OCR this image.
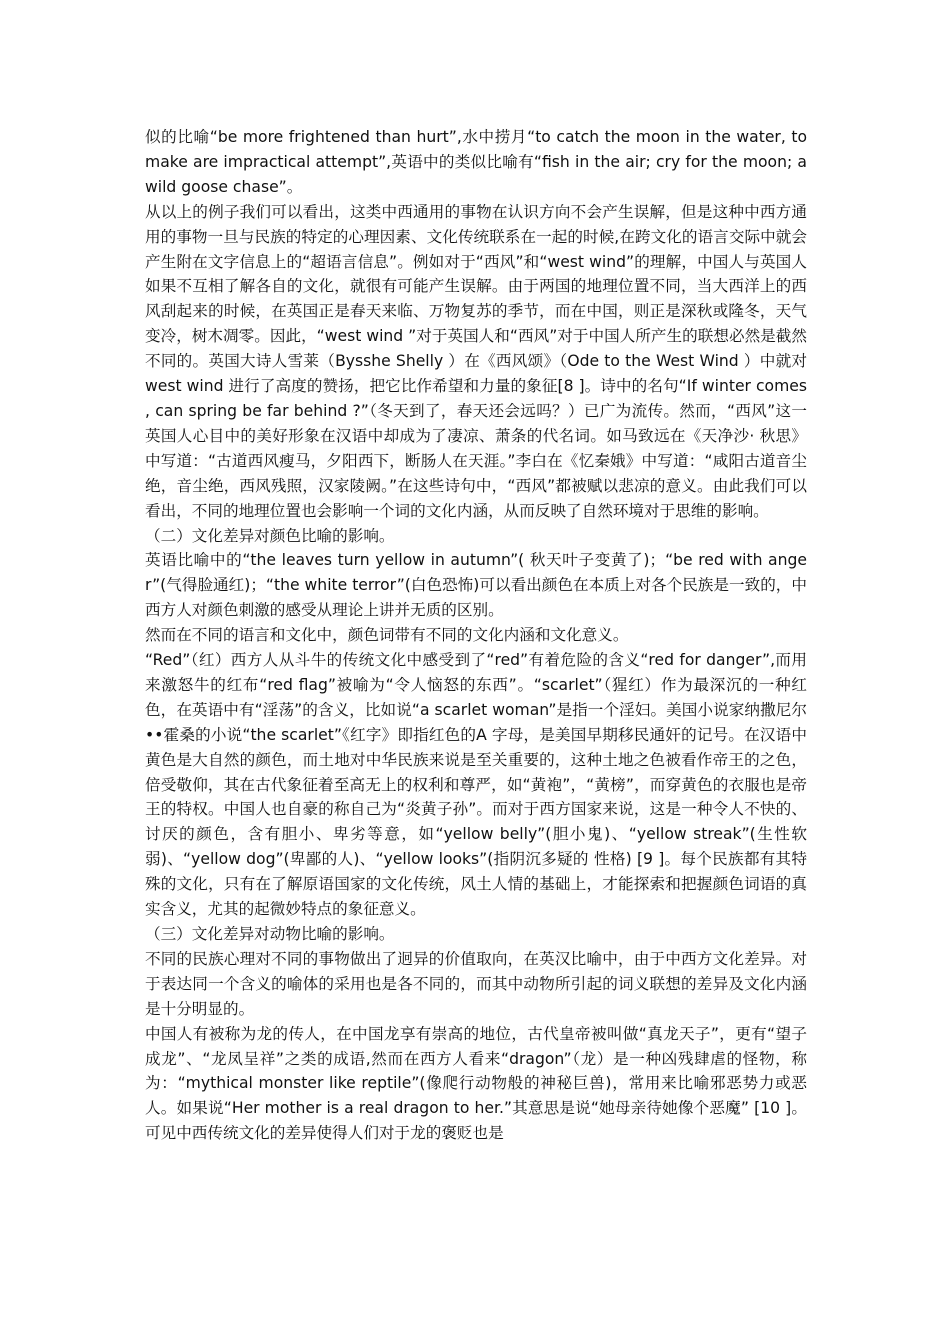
似的比喻“be more frightened than hurt”,水中捞月“to catch the moon in the water, to make are impractical attempt”,英语中的类似比喻有“fish in the air; cry for the moon; a wild goose chase”。

从以上的例子我们可以看出，这类中西通用的事物在认识方向不会产生误解，但是这种中西方通用的事物一旦与民族的特定的心理因素、文化传统联系在一起的时候,在跨文化的语言交际中就会产生附在文字信息上的“超语言信息”。例如对于“西风”和“west wind”的理解，中国人与英国人如果不互相了解各自的文化，就很有可能产生误解。由于两国的地理位置不同，当大西洋上的西风刮起来的时候，在英国正是春天来临、万物复苏的季节，而在中国，则正是深秋或隆冬，天气变冷，树木凋零。因此，“west wind ”对于英国人和“西风”对于中国人所产生的联想必然是截然不同的。英国大诗人雪莱（Bysshe Shelly ）在《西风颂》（Ode to the West Wind ）中就对west wind 进行了高度的赞扬，把它比作希望和力量的象征[8 ]。诗中的名句“If winter comes , can spring be far behind ?”（冬天到了，春天还会远吗？）已广为流传。然而，“西风”这一英国人心目中的美好形象在汉语中却成为了凄凉、萧条的代名词。如马致远在《天净沙· 秋思》中写道：“古道西风瘦马，夕阳西下，断肠人在天涯。”李白在《忆秦娥》中写道：“咸阳古道音尘绝，音尘绝，西风残照，汉家陵阙。”在这些诗句中，“西风”都被赋以悲凉的意义。由此我们可以看出，不同的地理位置也会影响一个词的文化内涵，从而反映了自然环境对于思维的影响。

（二）文化差异对颜色比喻的影响。

英语比喻中的“the leaves turn yellow in autumn”( 秋天叶子变黄了)；“be red with anger”(气得脸通红)；“the white terror”(白色恐怖)可以看出颜色在本质上对各个民族是一致的，中西方人对颜色刺激的感受从理论上讲并无质的区别。

然而在不同的语言和文化中，颜色词带有不同的文化内涵和文化意义。

“Red”（红）西方人从斗牛的传统文化中感受到了“red”有着危险的含义“red for danger”,而用来激怒牛的红布“red flag”被喻为“令人恼怒的东西”。“scarlet”（猩红）作为最深沉的一种红色，在英语中有“淫荡”的含义，比如说“a scarlet woman”是指一个淫妇。美国小说家纳撒尼尔••霍桑的小说“the scarlet”《红字》即指红色的A 字母，是美国早期移民通奸的记号。在汉语中黄色是大自然的颜色，而土地对中华民族来说是至关重要的，这种土地之色被看作帝王的之色，倍受敬仰，其在古代象征着至高无上的权利和尊严，如“黄袍”，“黄榜”，而穿黄色的衣服也是帝王的特权。中国人也自豪的称自己为“炎黄子孙”。而对于西方国家来说，这是一种令人不快的、讨厌的颜色，含有胆小、卑劣等意，如“yellow belly”(胆小鬼)、“yellow streak”(生性软弱)、“yellow dog”(卑鄙的人)、“yellow looks”(指阴沉多疑的 性格) [9 ]。每个民族都有其特殊的文化，只有在了解原语国家的文化传统，风土人情的基础上，才能探索和把握颜色词语的真实含义，尤其的起微妙特点的象征意义。

（三）文化差异对动物比喻的影响。

不同的民族心理对不同的事物做出了迥异的价值取向，在英汉比喻中，由于中西方文化差异。对于表达同一个含义的喻体的采用也是各不同的，而其中动物所引起的词义联想的差异及文化内涵是十分明显的。

中国人有被称为龙的传人，在中国龙享有崇高的地位，古代皇帝被叫做“真龙天子”，更有“望子成龙”、“龙凤呈祥”之类的成语,然而在西方人看来“dragon”（龙）是一种凶残肆虐的怪物，称为：“mythical monster like reptile”(像爬行动物般的神秘巨兽)，常用来比喻邪恶势力或恶人。如果说“Her mother is a real dragon to her.”其意思是说“她母亲待她像个恶魔” [10 ]。可见中西传统文化的差异使得人们对于龙的褒贬也是
